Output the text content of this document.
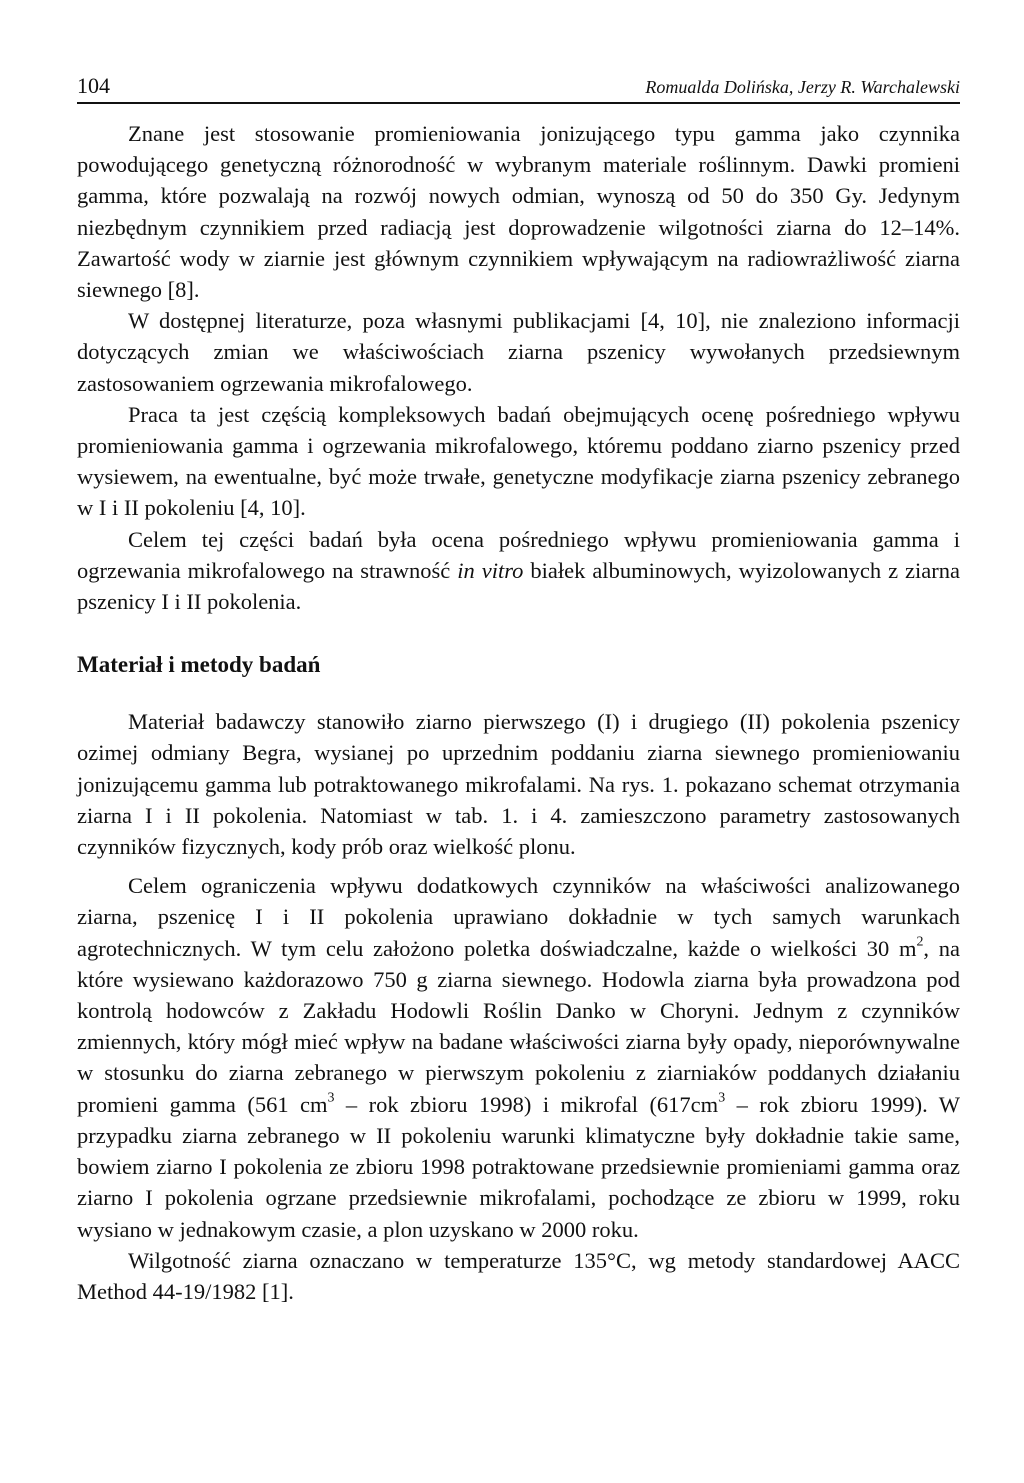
104	Romualda Dolińska, Jerzy R. Warchalewski

Znane jest stosowanie promieniowania jonizującego typu gamma jako czynnika powodującego genetyczną różnorodność w wybranym materiale roślinnym. Dawki promieni gamma, które pozwalają na rozwój nowych odmian, wynoszą od 50 do 350 Gy. Jedynym niezbędnym czynnikiem przed radiacją jest doprowadzenie wilgotności ziarna do 12–14%. Zawartość wody w ziarnie jest głównym czynnikiem wpływającym na radiowrażliwość ziarna siewnego [8].

W dostępnej literaturze, poza własnymi publikacjami [4, 10], nie znaleziono informacji dotyczących zmian we właściwościach ziarna pszenicy wywołanych przedsiewnym zastosowaniem ogrzewania mikrofalowego.

Praca ta jest częścią kompleksowych badań obejmujących ocenę pośredniego wpływu promieniowania gamma i ogrzewania mikrofalowego, któremu poddano ziarno pszenicy przed wysiewem, na ewentualne, być może trwałe, genetyczne modyfikacje ziarna pszenicy zebranego w I i II pokoleniu [4, 10].

Celem tej części badań była ocena pośredniego wpływu promieniowania gamma i ogrzewania mikrofalowego na strawność in vitro białek albuminowych, wyizolowanych z ziarna pszenicy I i II pokolenia.

Materiał i metody badań

Materiał badawczy stanowiło ziarno pierwszego (I) i drugiego (II) pokolenia pszenicy ozimej odmiany Begra, wysianej po uprzednim poddaniu ziarna siewnego promieniowaniu jonizującemu gamma lub potraktowanego mikrofalami. Na rys. 1. pokazano schemat otrzymania ziarna I i II pokolenia. Natomiast w tab. 1. i 4. zamieszczono parametry zastosowanych czynników fizycznych, kody prób oraz wielkość plonu.

Celem ograniczenia wpływu dodatkowych czynników na właściwości analizowanego ziarna, pszenicę I i II pokolenia uprawiano dokładnie w tych samych warunkach agrotechnicznych. W tym celu założono poletka doświadczalne, każde o wielkości 30 $m^2$, na które wysiewano każdorazowo 750 g ziarna siewnego. Hodowla ziarna była prowadzona pod kontrolą hodowców z Zakładu Hodowli Roślin Danko w Choryni. Jednym z czynników zmiennych, który mógł mieć wpływ na badane właściwości ziarna były opady, nieporównywalne w stosunku do ziarna zebranego w pierwszym pokoleniu z ziarniaków poddanych działaniu promieni gamma (561 $cm^3$ – rok zbioru 1998) i mikrofal ($617cm^3$ – rok zbioru 1999). W przypadku ziarna zebranego w II pokoleniu warunki klimatyczne były dokładnie takie same, bowiem ziarno I pokolenia ze zbioru 1998 potraktowane przedsiewnie promieniami gamma oraz ziarno I pokolenia ogrzane przedsiewnie mikrofalami, pochodzące ze zbioru w 1999, roku wysiano w jednakowym czasie, a plon uzyskano w 2000 roku.

Wilgotność ziarna oznaczano w temperaturze 135°C, wg metody standardowej AACC Method 44-19/1982 [1].
